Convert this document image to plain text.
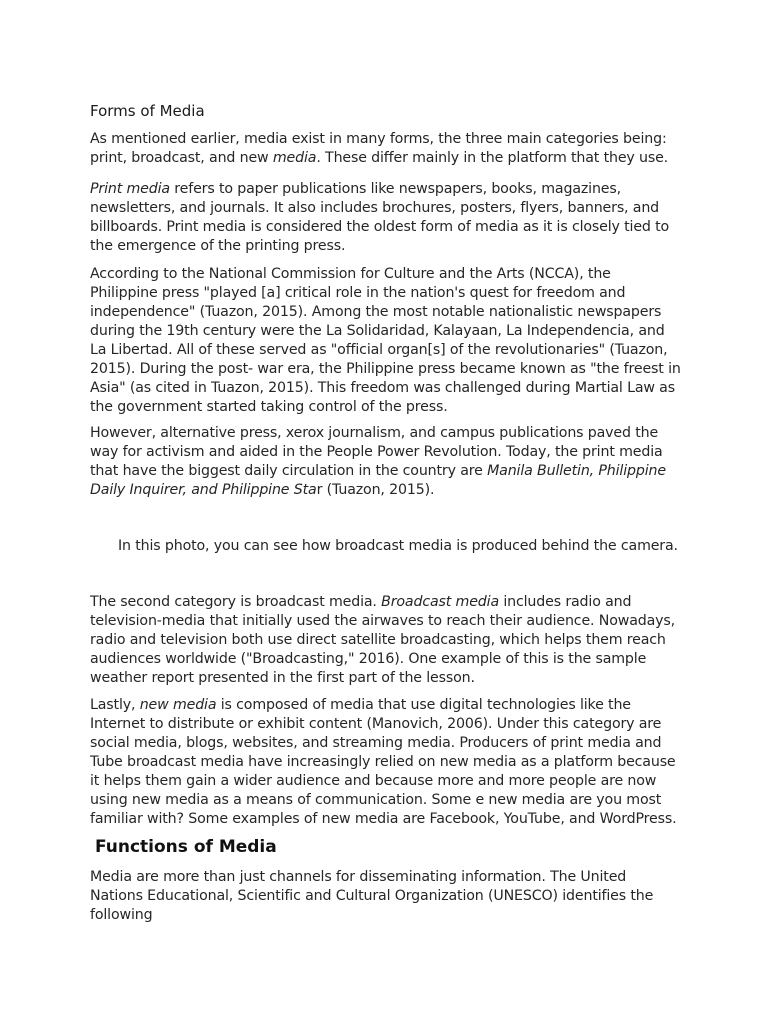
Forms of Media

As mentioned earlier, media exist in many forms, the three main categories being: print, broadcast, and new media. These differ mainly in the platform that they use.

Print media refers to paper publications like newspapers, books, magazines, newsletters, and journals. It also includes brochures, posters, flyers, banners, and billboards. Print media is considered the oldest form of media as it is closely tied to the emergence of the printing press.

According to the National Commission for Culture and the Arts (NCCA), the Philippine press "played [a] critical role in the nation's quest for freedom and independence" (Tuazon, 2015). Among the most notable nationalistic newspapers during the 19th century were the La Solidaridad, Kalayaan, La Independencia, and La Libertad. All of these served as "official organ[s] of the revolutionaries" (Tuazon, 2015). During the post- war era, the Philippine press became known as "the freest in Asia" (as cited in Tuazon, 2015). This freedom was challenged during Martial Law as the government started taking control of the press.

However, alternative press, xerox journalism, and campus publications paved the way for activism and aided in the People Power Revolution. Today, the print media that have the biggest daily circulation in the country are Manila Bulletin, Philippine Daily Inquirer, and Philippine Star (Tuazon, 2015).

In this photo, you can see how broadcast media is produced behind the camera.

The second category is broadcast media. Broadcast media includes radio and television-media that initially used the airwaves to reach their audience. Nowadays, radio and television both use direct satellite broadcasting, which helps them reach audiences worldwide ("Broadcasting," 2016). One example of this is the sample weather report presented in the first part of the lesson.

Lastly, new media is composed of media that use digital technologies like the Internet to distribute or exhibit content (Manovich, 2006). Under this category are social media, blogs, websites, and streaming media. Producers of print media and Tube broadcast media have increasingly relied on new media as a platform because it helps them gain a wider audience and because more and more people are now using new media as a means of communication. Some e new media are you most familiar with? Some examples of new media are Facebook, YouTube, and WordPress.

Functions of Media

Media are more than just channels for disseminating information. The United Nations Educational, Scientific and Cultural Organization (UNESCO) identifies the following
